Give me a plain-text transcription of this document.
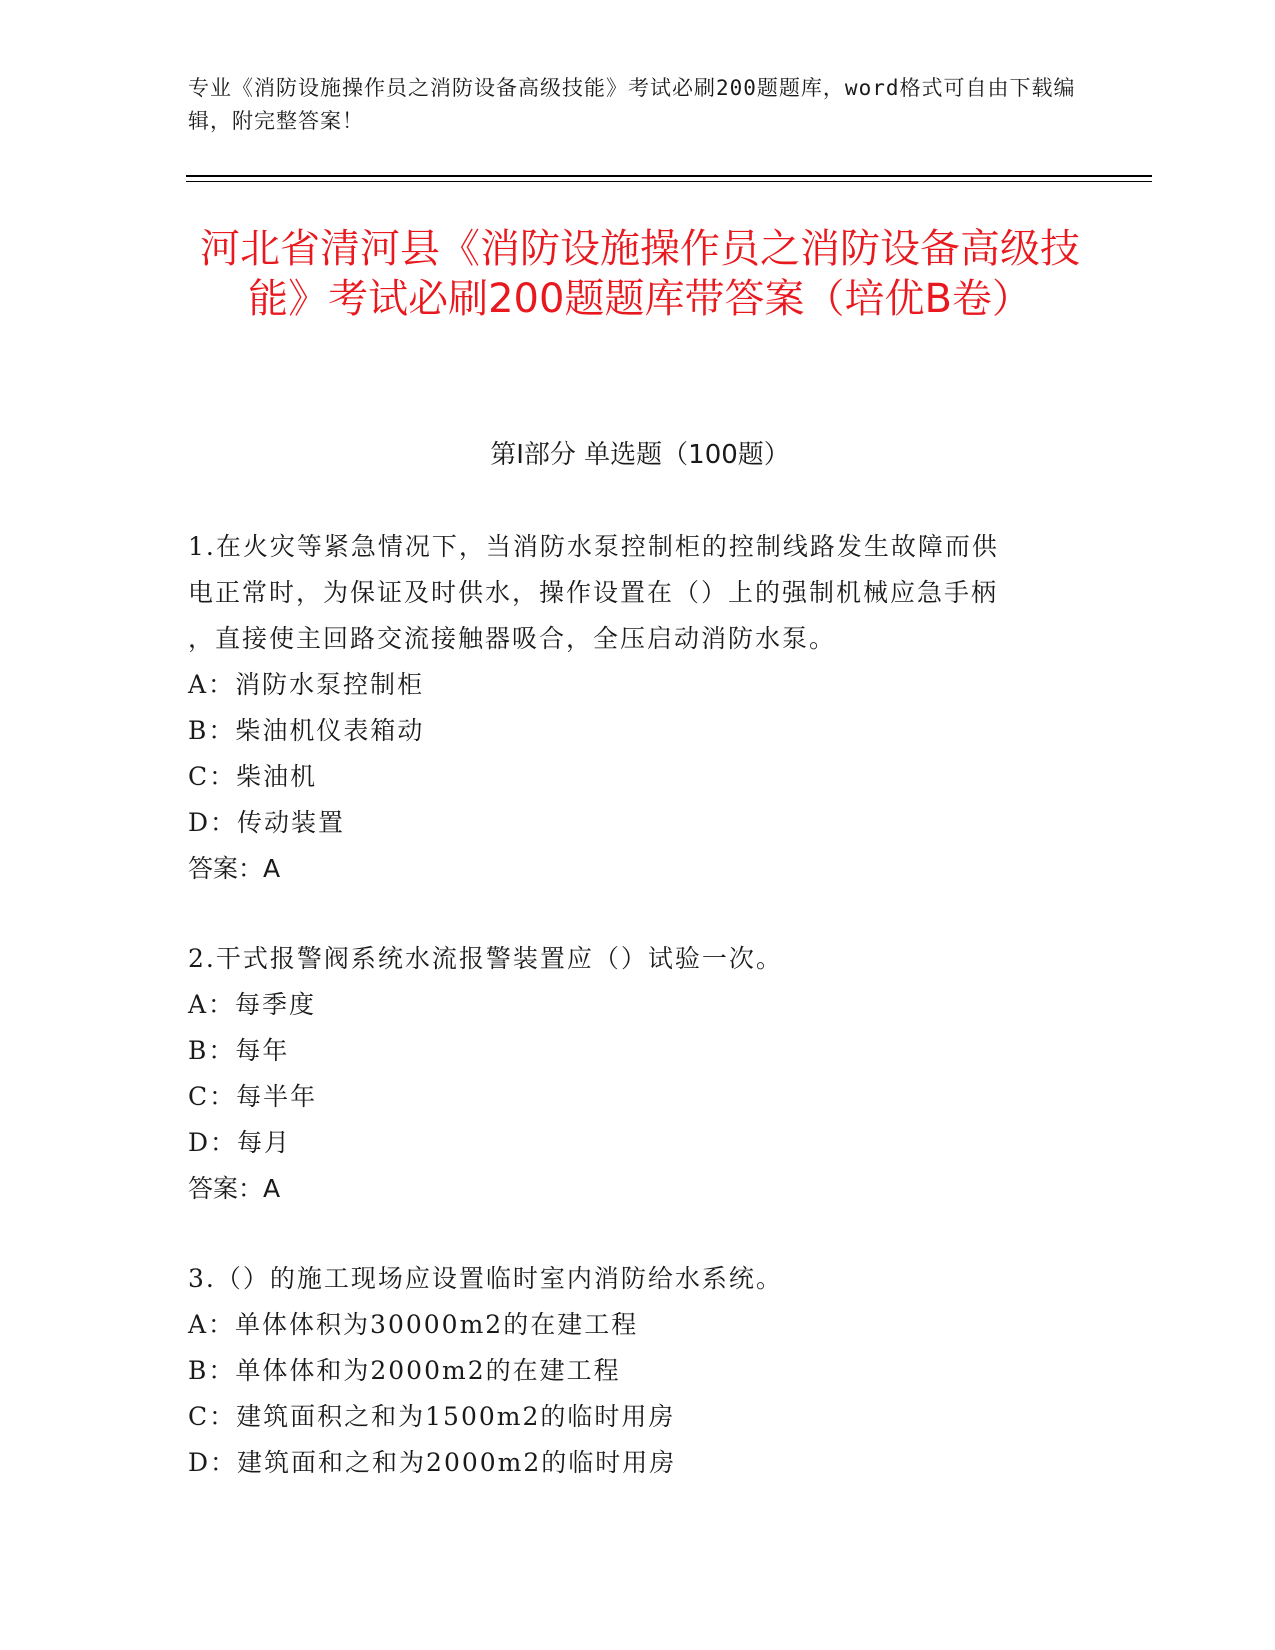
专业《消防设施操作员之消防设备高级技能》考试必刷200题题库，word格式可自由下载编辑，附完整答案！
河北省清河县《消防设施操作员之消防设备高级技能》考试必刷200题题库带答案（培优B卷）
第Ⅰ部分 单选题（100题）
1.在火灾等紧急情况下，当消防水泵控制柜的控制线路发生故障而供
电正常时，为保证及时供水，操作设置在（）上的强制机械应急手柄
，直接使主回路交流接触器吸合，全压启动消防水泵。
A：消防水泵控制柜
B：柴油机仪表箱动
C：柴油机
D：传动装置
答案：A
2.干式报警阀系统水流报警装置应（）试验一次。
A：每季度
B：每年
C：每半年
D：每月
答案：A
3.（）的施工现场应设置临时室内消防给水系统。
A：单体体积为30000m2的在建工程
B：单体体和为2000m2的在建工程
C：建筑面积之和为1500m2的临时用房
D：建筑面和之和为2000m2的临时用房
